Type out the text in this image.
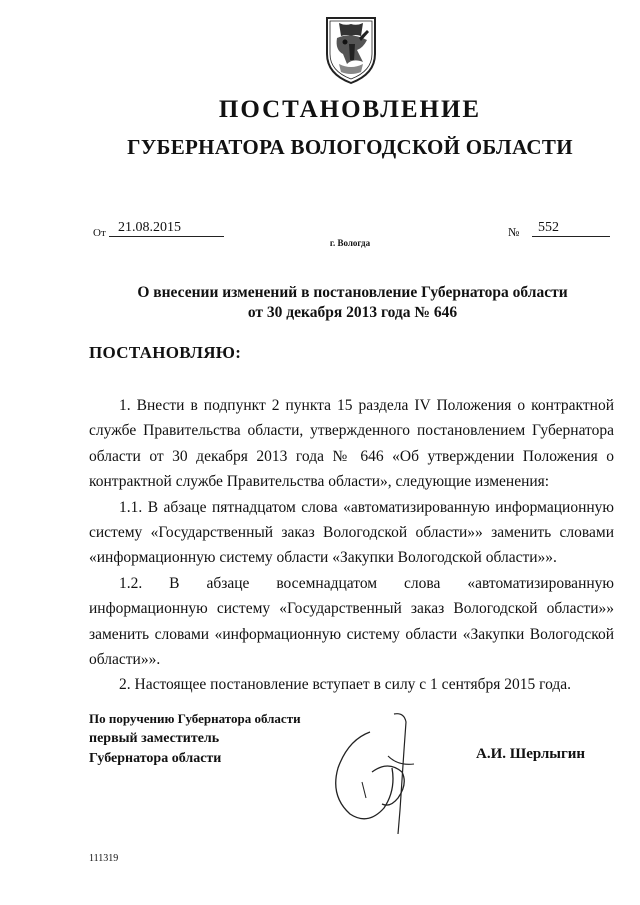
ПОСТАНОВЛЕНИЕ
ГУБЕРНАТОРА ВОЛОГОДСКОЙ ОБЛАСТИ
От 21.08.2015	№	552
г. Вологда
О внесении изменений в постановление Губернатора области
от 30 декабря 2013 года № 646
ПОСТАНОВЛЯЮ:

1. Внести в подпункт 2 пункта 15 раздела IV Положения о контрактной службе Правительства области, утвержденного постановлением Губернатора области от 30 декабря 2013 года № 646 «Об утверждении Положения о контрактной службе Правительства области», следующие изменения:

1.1. В абзаце пятнадцатом слова «автоматизированную информационную систему «Государственный заказ Вологодской области»» заменить словами «информационную систему области «Закупки Вологодской области»».

1.2. В абзаце восемнадцатом слова «автоматизированную информационную систему «Государственный заказ Вологодской области»» заменить словами «информационную систему области «Закупки Вологодской области»».

2. Настоящее постановление вступает в силу с 1 сентября 2015 года.

По поручению Губернатора области
первый заместитель
Губернатора области	А.И. Шерлыгин
111319
